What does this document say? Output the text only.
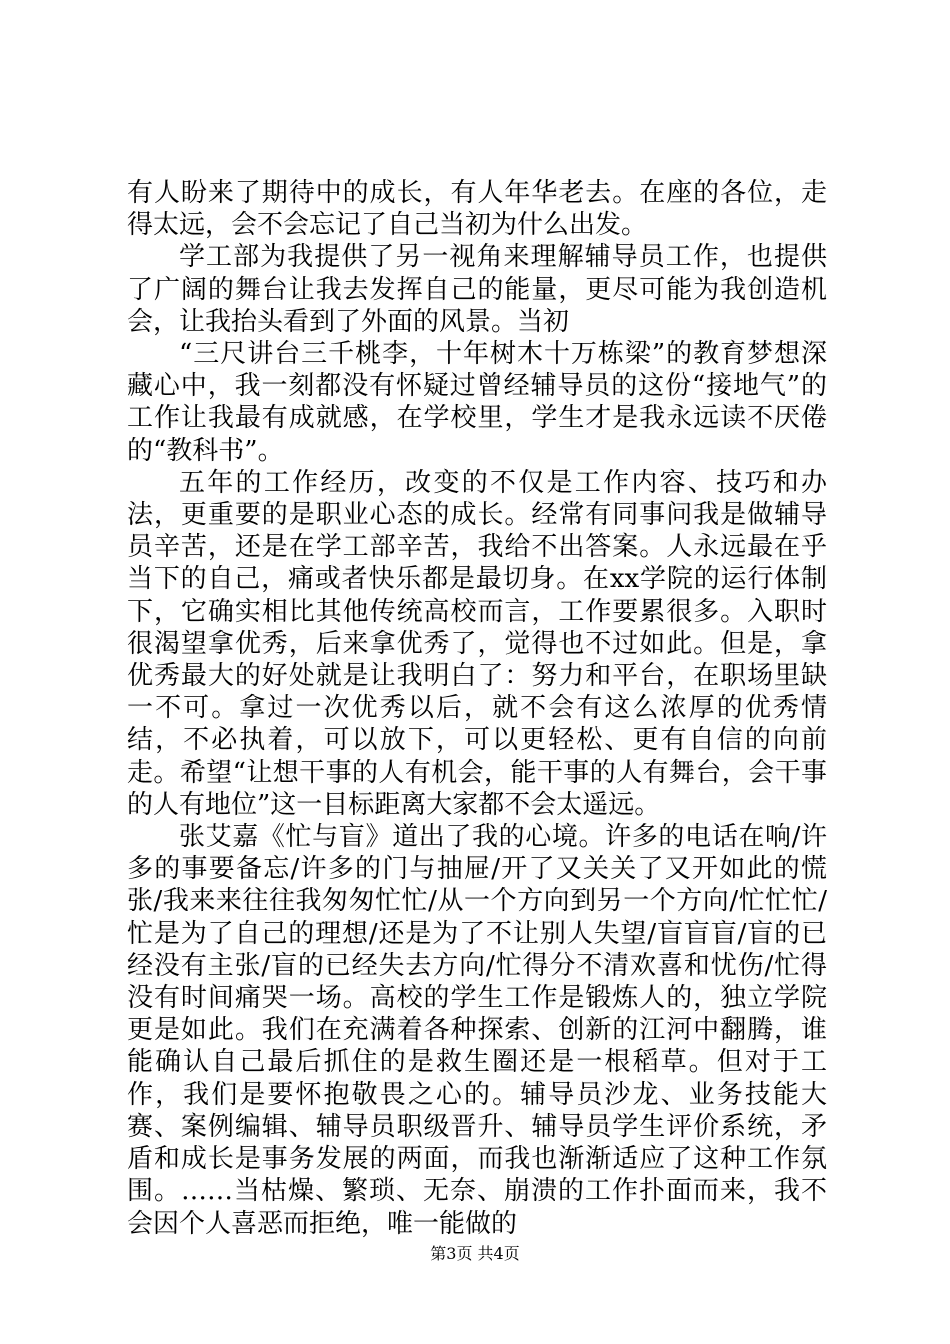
有人盼来了期待中的成长，有人年华老去。在座的各位，走得太远，会不会忘记了自己当初为什么出发。

学工部为我提供了另一视角来理解辅导员工作，也提供了广阔的舞台让我去发挥自己的能量，更尽可能为我创造机会，让我抬头看到了外面的风景。当初

“三尺讲台三千桃李，十年树木十万栋梁”的教育梦想深藏心中，我一刻都没有怀疑过曾经辅导员的这份“接地气”的工作让我最有成就感，在学校里，学生才是我永远读不厌倦的“教科书”。

五年的工作经历，改变的不仅是工作内容、技巧和办法，更重要的是职业心态的成长。经常有同事问我是做辅导员辛苦，还是在学工部辛苦，我给不出答案。人永远最在乎当下的自己，痛或者快乐都是最切身。在xx学院的运行体制下，它确实相比其他传统高校而言，工作要累很多。入职时很渴望拿优秀，后来拿优秀了，觉得也不过如此。但是，拿优秀最大的好处就是让我明白了：努力和平台，在职场里缺一不可。拿过一次优秀以后，就不会有这么浓厚的优秀情结，不必执着，可以放下，可以更轻松、更有自信的向前走。希望“让想干事的人有机会，能干事的人有舞台，会干事的人有地位”这一目标距离大家都不会太遥远。

张艾嘉《忙与盲》道出了我的心境。许多的电话在响/许多的事要备忘/许多的门与抽屉/开了又关关了又开如此的慌张/我来来往往我匆匆忙忙/从一个方向到另一个方向/忙忙忙/忙是为了自己的理想/还是为了不让别人失望/盲盲盲/盲的已经没有主张/盲的已经失去方向/忙得分不清欢喜和忧伤/忙得没有时间痛哭一场。高校的学生工作是锻炼人的，独立学院更是如此。我们在充满着各种探索、创新的江河中翻腾，谁能确认自己最后抓住的是救生圈还是一根稻草。但对于工作，我们是要怀抱敬畏之心的。辅导员沙龙、业务技能大赛、案例编辑、辅导员职级晋升、辅导员学生评价系统，矛盾和成长是事务发展的两面，而我也渐渐适应了这种工作氛围。……当枯燥、繁琐、无奈、崩溃的工作扑面而来，我不会因个人喜恶而拒绝，唯一能做的

第3页 共4页
